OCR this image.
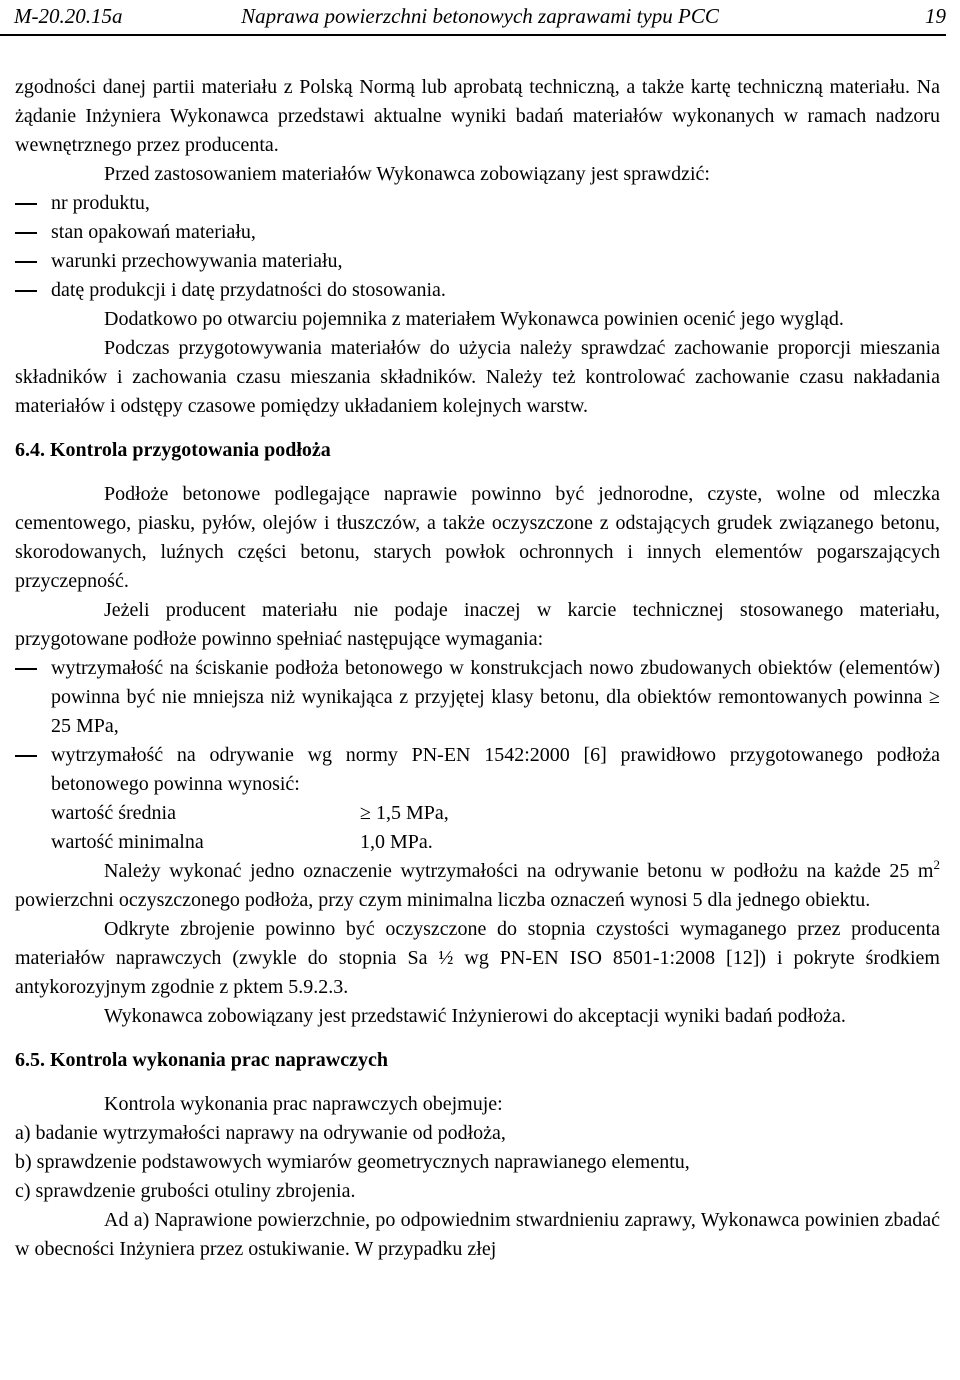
M-20.20.15a	Naprawa powierzchni betonowych zaprawami typu PCC	19

zgodności danej partii materiału z Polską Normą lub aprobatą techniczną, a także kartę techniczną materiału. Na żądanie Inżyniera Wykonawca przedstawi aktualne wyniki badań materiałów wykonanych w ramach nadzoru wewnętrznego przez producenta.

Przed zastosowaniem materiałów Wykonawca zobowiązany jest sprawdzić:

nr produktu,
stan opakowań materiału,
warunki przechowywania materiału,
datę produkcji i datę przydatności do stosowania.

Dodatkowo po otwarciu pojemnika z materiałem Wykonawca powinien ocenić jego wygląd.

Podczas przygotowywania materiałów do użycia należy sprawdzać zachowanie proporcji mieszania składników i zachowania czasu mieszania składników. Należy też kontrolować zachowanie czasu nakładania materiałów i odstępy czasowe pomiędzy układaniem kolejnych warstw.

6.4. Kontrola przygotowania podłoża

Podłoże betonowe podlegające naprawie powinno być jednorodne, czyste, wolne od mleczka cementowego, piasku, pyłów, olejów i tłuszczów, a także oczyszczone z odstających grudek związanego betonu, skorodowanych, luźnych części betonu, starych powłok ochronnych i innych elementów pogarszających przyczepność.

Jeżeli producent materiału nie podaje inaczej w karcie technicznej stosowanego materiału, przygotowane podłoże powinno spełniać następujące wymagania:

wytrzymałość na ściskanie podłoża betonowego w konstrukcjach nowo zbudowanych obiektów (elementów) powinna być nie mniejsza niż wynikająca z przyjętej klasy betonu, dla obiektów remontowanych powinna ≥ 25 MPa,
wytrzymałość na odrywanie wg normy PN-EN 1542:2000 [6] prawidłowo przygotowanego podłoża betonowego powinna wynosić:
wartość średnia	≥ 1,5 MPa,
wartość minimalna	1,0 MPa.

Należy wykonać jedno oznaczenie wytrzymałości na odrywanie betonu w podłożu na każde 25 $m^2$ powierzchni oczyszczonego podłoża, przy czym minimalna liczba oznaczeń wynosi 5 dla jednego obiektu.

Odkryte zbrojenie powinno być oczyszczone do stopnia czystości wymaganego przez producenta materiałów naprawczych (zwykle do stopnia Sa ½ wg PN-EN ISO 8501-1:2008 [12]) i pokryte środkiem antykorozyjnym zgodnie z pktem 5.9.2.3.

Wykonawca zobowiązany jest przedstawić Inżynierowi do akceptacji wyniki badań podłoża.

6.5. Kontrola wykonania prac naprawczych

Kontrola wykonania prac naprawczych obejmuje:

a) badanie wytrzymałości naprawy na odrywanie od podłoża,

b) sprawdzenie podstawowych wymiarów geometrycznych naprawianego elementu,

c) sprawdzenie grubości otuliny zbrojenia.

Ad a) Naprawione powierzchnie, po odpowiednim stwardnieniu zaprawy, Wykonawca powinien zbadać w obecności Inżyniera przez ostukiwanie. W przypadku złej
